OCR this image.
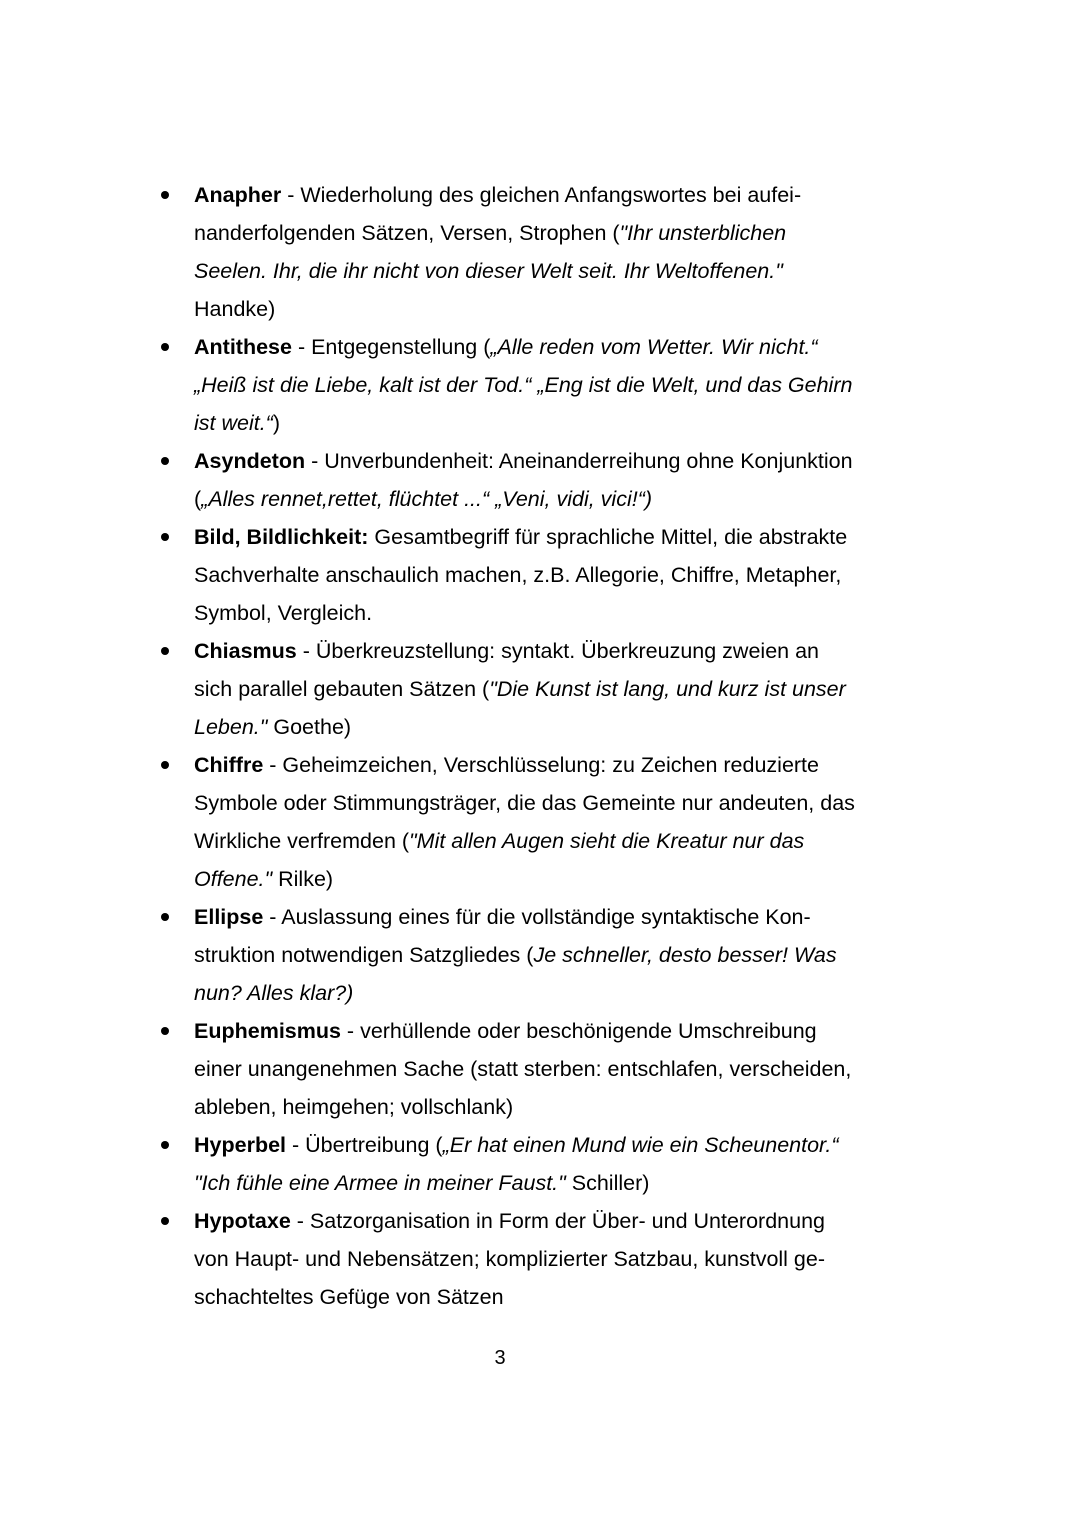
Anapher - Wiederholung des gleichen Anfangswortes bei aufeinanderfolgenden Sätzen, Versen, Strophen ("Ihr unsterblichen Seelen. Ihr, die ihr nicht von dieser Welt seit. Ihr Weltoffenen." Handke)
Antithese - Entgegenstellung („Alle reden vom Wetter. Wir nicht.“ „Heiß ist die Liebe, kalt ist der Tod.“ „Eng ist die Welt, und das Gehirn ist weit.“)
Asyndeton - Unverbundenheit: Aneinanderreihung ohne Konjunktion („Alles rennet,rettet, flüchtet ...“ „Veni, vidi, vici!“)
Bild, Bildlichkeit: Gesamtbegriff für sprachliche Mittel, die abstrakte Sachverhalte anschaulich machen, z.B. Allegorie, Chiffre, Metapher, Symbol, Vergleich.
Chiasmus - Überkreuzstellung: syntakt. Überkreuzung zweien an sich parallel gebauten Sätzen ("Die Kunst ist lang, und kurz ist unser Leben." Goethe)
Chiffre - Geheimzeichen, Verschlüsselung: zu Zeichen reduzierte Symbole oder Stimmungsträger, die das Gemeinte nur andeuten, das Wirkliche verfremden ("Mit allen Augen sieht die Kreatur nur das Offene." Rilke)
Ellipse - Auslassung eines für die vollständige syntaktische Konstruktion notwendigen Satzgliedes (Je schneller, desto besser! Was nun? Alles klar?)
Euphemismus - verhüllende oder beschönigende Umschreibung einer unangenehmen Sache (statt sterben: entschlafen, verscheiden, ableben, heimgehen; vollschlank)
Hyperbel - Übertreibung („Er hat einen Mund wie ein Scheunentor.“ "Ich fühle eine Armee in meiner Faust." Schiller)
Hypotaxe - Satzorganisation in Form der Über- und Unterordnung von Haupt- und Nebensätzen; komplizierter Satzbau, kunstvoll geschachteltes Gefüge von Sätzen
3
